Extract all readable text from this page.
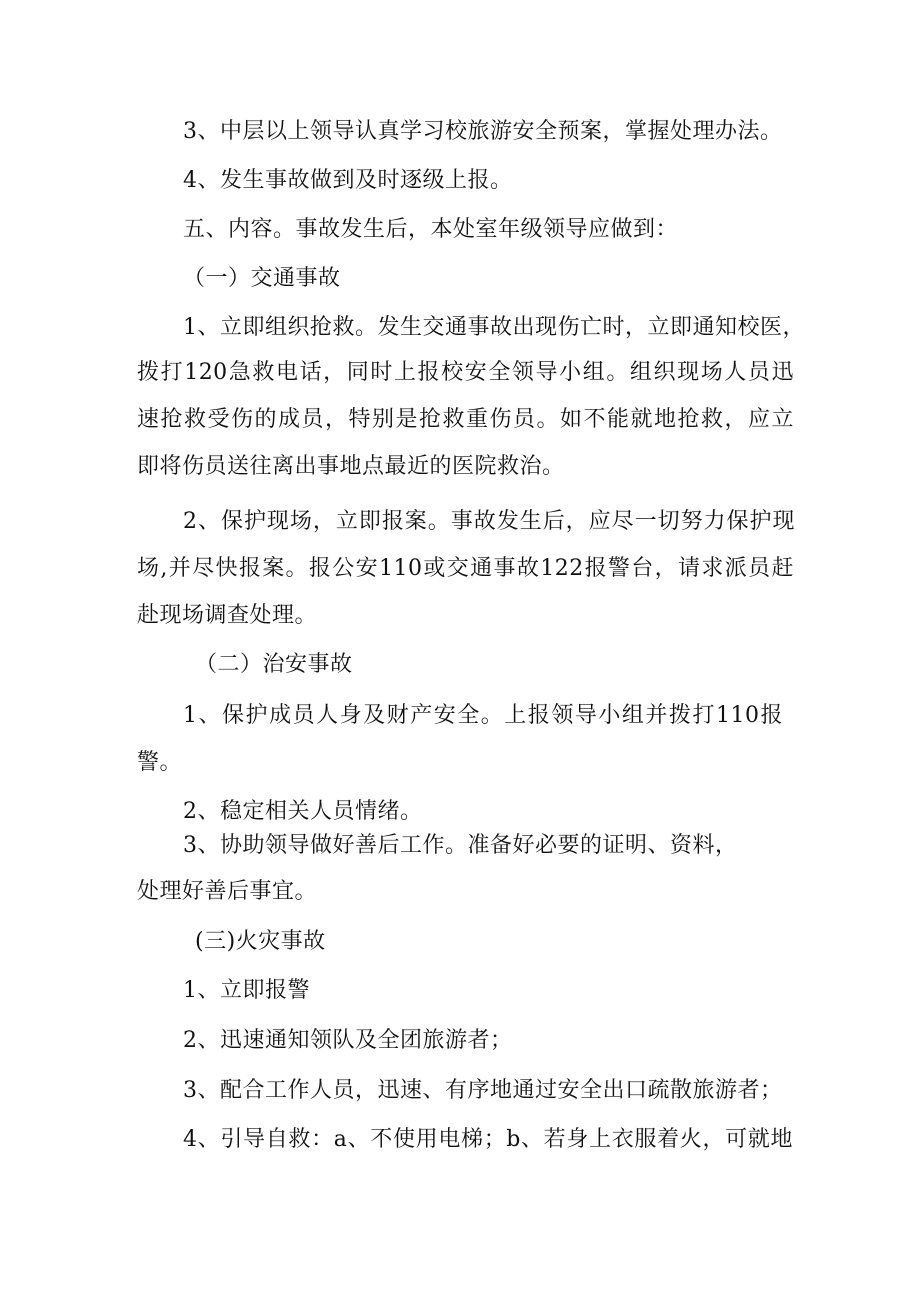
3、中层以上领导认真学习校旅游安全预案，掌握处理办法。
4、发生事故做到及时逐级上报。
五、内容。事故发生后，本处室年级领导应做到：
（一）交通事故
1、立即组织抢救。发生交通事故出现伤亡时，立即通知校医，
拨打120急救电话，同时上报校安全领导小组。组织现场人员迅
速抢救受伤的成员，特别是抢救重伤员。如不能就地抢救，应立
即将伤员送往离出事地点最近的医院救治。
2、保护现场，立即报案。事故发生后，应尽一切努力保护现
场,并尽快报案。报公安110或交通事故122报警台，请求派员赶
赴现场调查处理。
（二）治安事故
1、保护成员人身及财产安全。上报领导小组并拨打110报
警。
2、稳定相关人员情绪。
3、协助领导做好善后工作。准备好必要的证明、资料，
处理好善后事宜。
(三)火灾事故
1、立即报警
2、迅速通知领队及全团旅游者；
3、配合工作人员，迅速、有序地通过安全出口疏散旅游者；
4、引导自救：a、不使用电梯；b、若身上衣服着火，可就地
